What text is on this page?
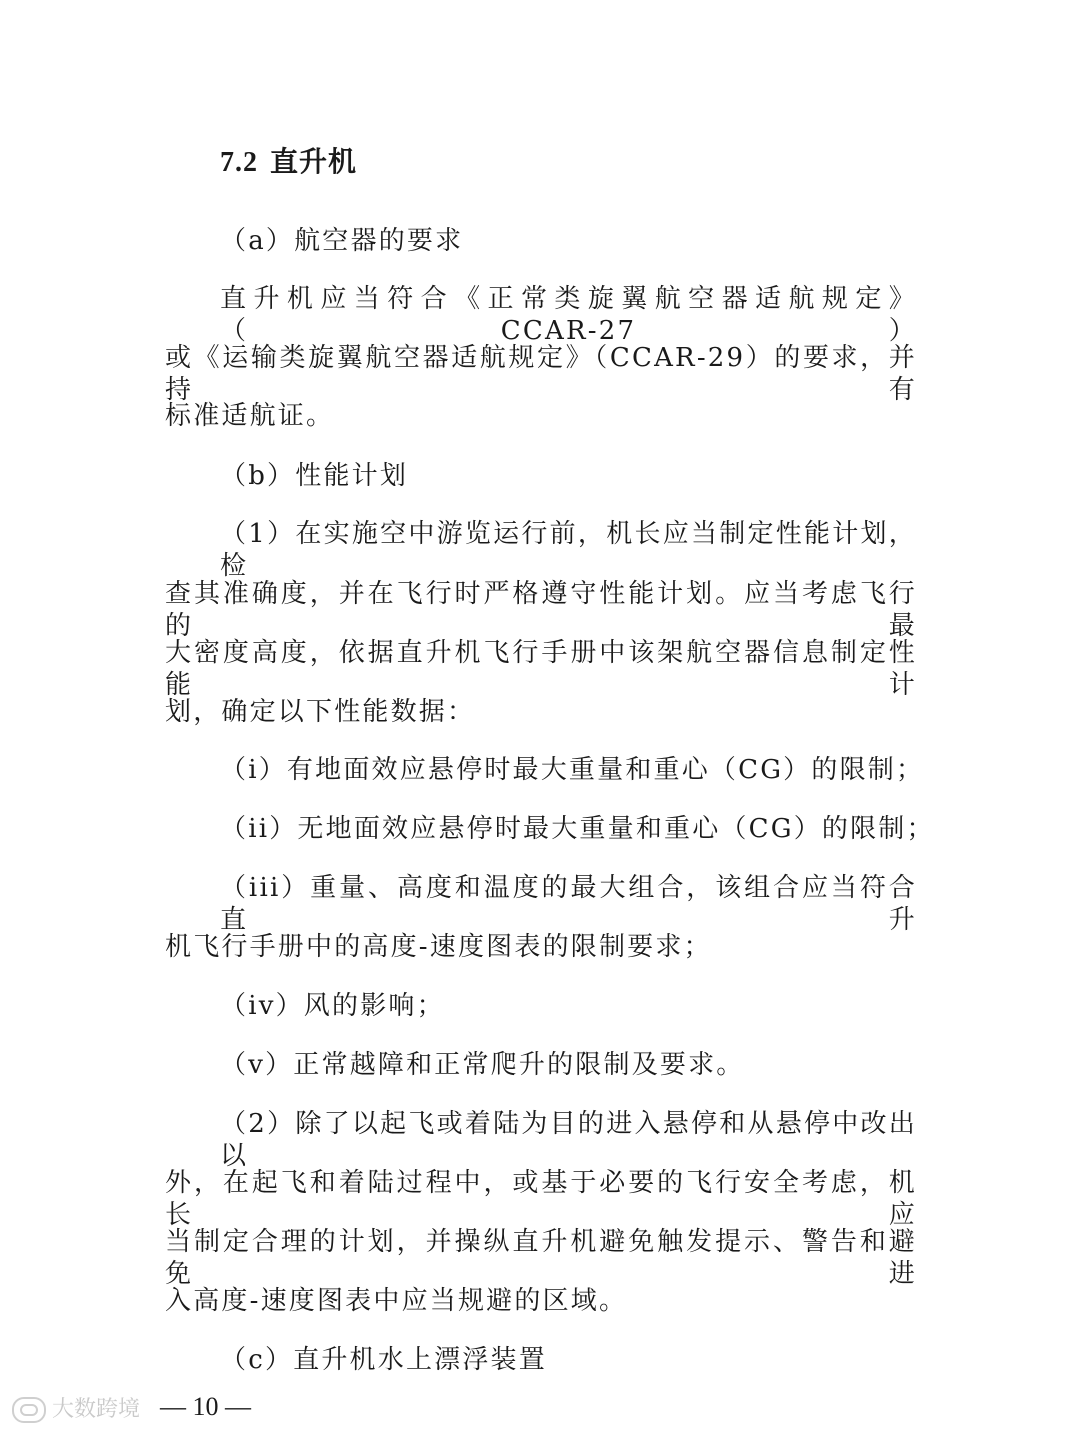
7.2 直升机
（a）航空器的要求
直升机应当符合《正常类旋翼航空器适航规定》（CCAR-27）
或《运输类旋翼航空器适航规定》（CCAR-29）的要求，并持有
标准适航证。
（b）性能计划
（1）在实施空中游览运行前，机长应当制定性能计划，检
查其准确度，并在飞行时严格遵守性能计划。应当考虑飞行的最
大密度高度，依据直升机飞行手册中该架航空器信息制定性能计
划，确定以下性能数据：
（i）有地面效应悬停时最大重量和重心（CG）的限制；
（ii）无地面效应悬停时最大重量和重心（CG）的限制；
（iii）重量、高度和温度的最大组合，该组合应当符合直升
机飞行手册中的高度-速度图表的限制要求；
（iv）风的影响；
（v）正常越障和正常爬升的限制及要求。
（2）除了以起飞或着陆为目的进入悬停和从悬停中改出以
外，在起飞和着陆过程中，或基于必要的飞行安全考虑，机长应
当制定合理的计划，并操纵直升机避免触发提示、警告和避免进
入高度-速度图表中应当规避的区域。
（c）直升机水上漂浮装置
大数跨境 — 10 —
